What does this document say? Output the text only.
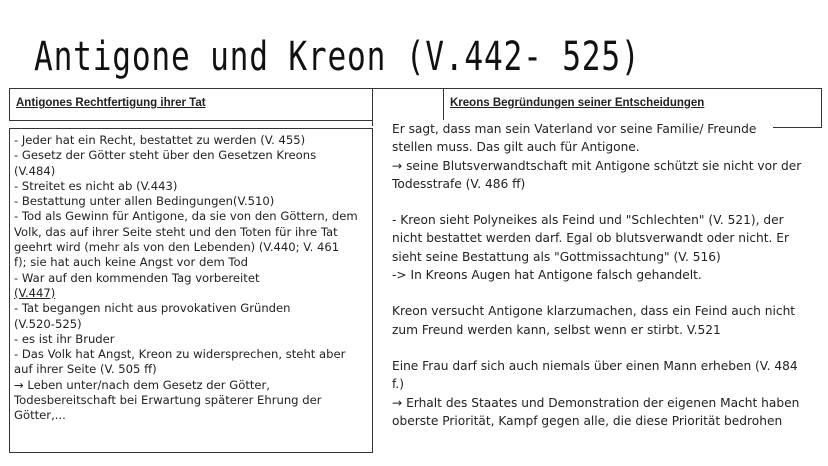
Antigone und Kreon (V.442- 525)
Antigones Rechtfertigung ihrer Tat
- Jeder hat ein Recht, bestattet zu werden (V. 455)
- Gesetz der Götter steht über den Gesetzen Kreons
(V.484)
- Streitet es nicht ab (V.443)
- Bestattung unter allen Bedingungen(V.510)
- Tod als Gewinn für Antigone, da sie von den Göttern, dem
Volk, das auf ihrer Seite steht und den Toten für ihre Tat
geehrt wird (mehr als von den Lebenden) (V.440; V. 461
f); sie hat auch keine Angst vor dem Tod
- War auf den kommenden Tag vorbereitet
(V.447)
- Tat begangen nicht aus provokativen Gründen
(V.520-525)
- es ist ihr Bruder
- Das Volk hat Angst, Kreon zu widersprechen, steht aber
auf ihrer Seite (V. 505 ff)
→ Leben unter/nach dem Gesetz der Götter,
Todesbereitschaft bei Erwartung späterer Ehrung der
Götter,...
Kreons Begründungen seiner Entscheidungen
Er sagt, dass man sein Vaterland vor seine Familie/ Freunde
stellen muss. Das gilt auch für Antigone.
→ seine Blutsverwandtschaft mit Antigone schützt sie nicht vor der
Todesstrafe (V. 486 ff)
- Kreon sieht Polyneikes als Feind und "Schlechten" (V. 521), der
nicht bestattet werden darf. Egal ob blutsverwandt oder nicht. Er
sieht seine Bestattung als "Gottmissachtung" (V. 516)
-> In Kreons Augen hat Antigone falsch gehandelt.
Kreon versucht Antigone klarzumachen, dass ein Feind auch nicht
zum Freund werden kann, selbst wenn er stirbt. V.521
Eine Frau darf sich auch niemals über einen Mann erheben (V. 484
f.)
→ Erhalt des Staates und Demonstration der eigenen Macht haben
oberste Priorität, Kampf gegen alle, die diese Priorität bedrohen
